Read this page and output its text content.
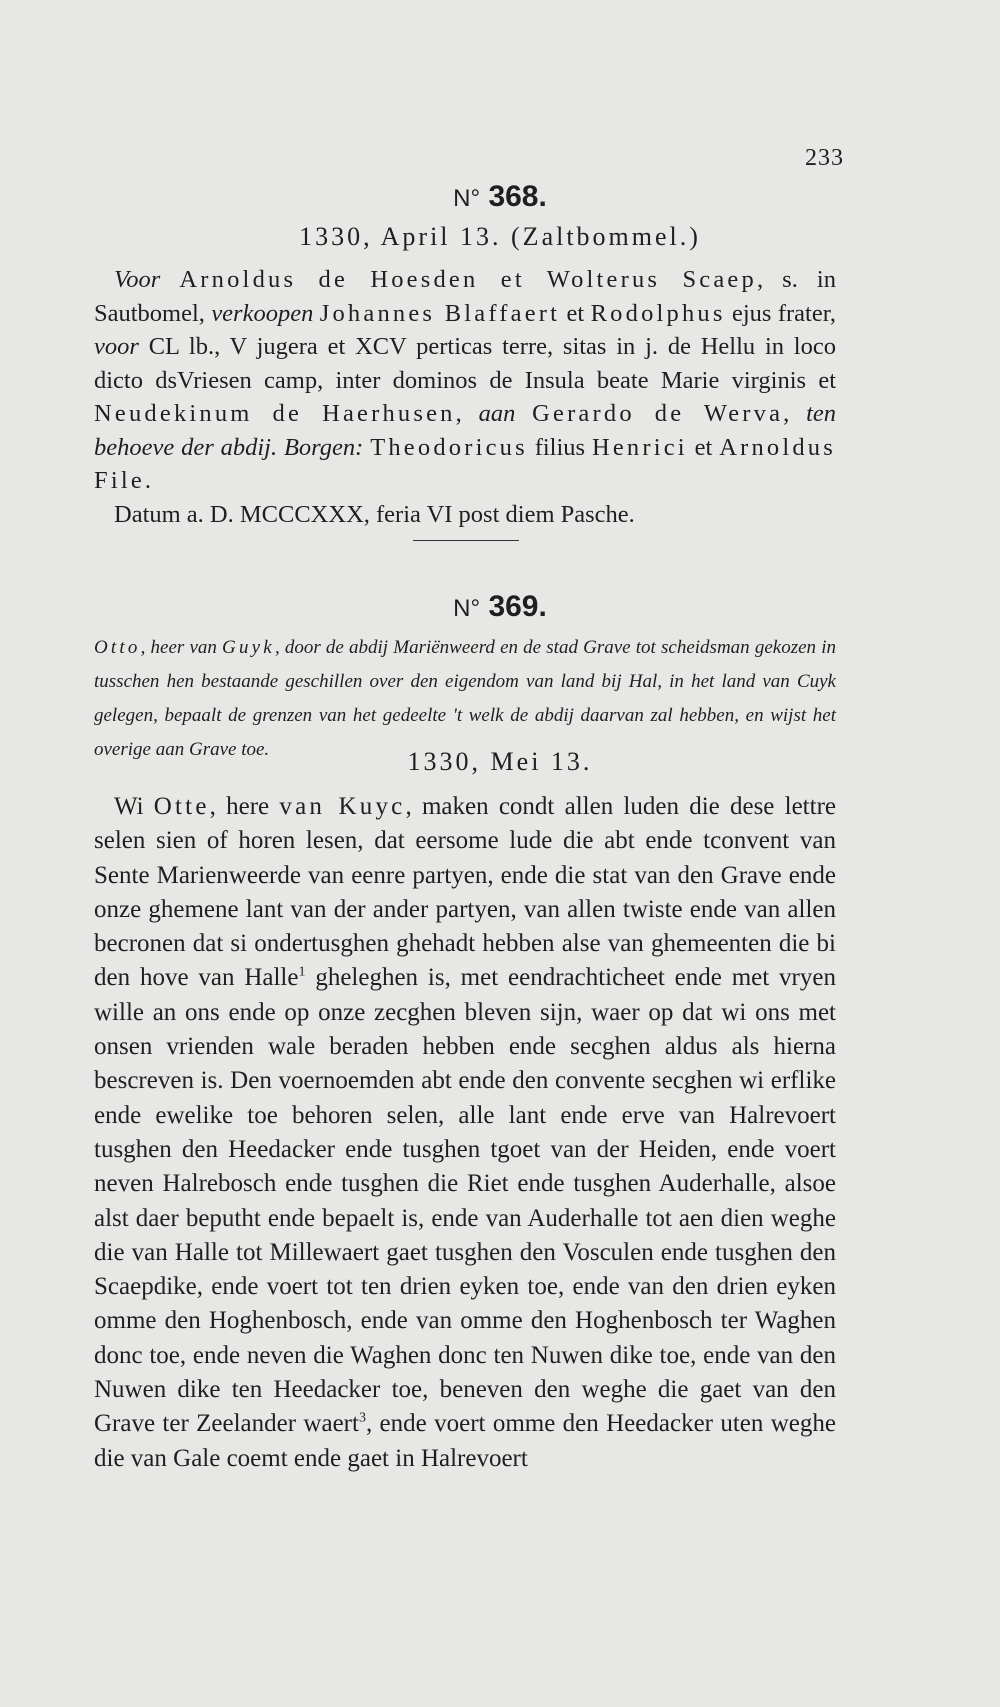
233
N° 368.
1330, April 13. (Zaltbommel.)

Voor Arnoldus de Hoesden et Wolterus Scaep, s. in Sautbomel, verkoopen Johannes Blaffaert et Rodolphus ejus frater, voor CL lb., V jugera et XCV perticas terre, sitas in j. de Hellu in loco dicto dsVriesen camp, inter dominos de Insula beate Marie virginis et Neudekinum de Haerhusen, aan Gerardo de Werva, ten behoeve der abdij. Borgen: Theodoricus filius Henrici et Arnoldus File.

Datum a. D. MCCCXXX, feria VI post diem Pasche.

N° 369.
Otto, heer van Guyk, door de abdij Mariënweerd en de stad Grave tot scheidsman gekozen in tusschen hen bestaande geschillen over den eigendom van land bij Hal, in het land van Cuyk gelegen, bepaalt de grenzen van het gedeelte 't welk de abdij daarvan zal hebben, en wijst het overige aan Grave toe.	1330, Mei 13.

Wi Otte, here van Kuyc, maken condt allen luden die dese lettre selen sien of horen lesen, dat eersome lude die abt ende tconvent van Sente Marienweerde van eenre partyen, ende die stat van den Grave ende onze ghemene lant van der ander partyen, van allen twiste ende van allen becronen dat si ondertusghen ghehadt hebben alse van ghemeenten die bi den hove van Halle$^1$ gheleghen is, met eendrachticheet ende met vryen wille an ons ende op onze zecghen bleven sijn, waer op dat wi ons met onsen vrienden wale beraden hebben ende secghen aldus als hierna bescreven is. Den voernoemden abt ende den convente secghen wi erflike ende ewelike toe behoren selen, alle lant ende erve van Halrevoert tusghen den Heedacker ende tusghen tgoet van der Heiden, ende voert neven Halrebosch ende tusghen die Riet ende tusghen Auderhalle, alsoe alst daer beputht ende bepaelt is, ende van Auderhalle tot aen dien weghe die van Halle tot Millewaert gaet tusghen den Vosculen ende tusghen den Scaepdike, ende voert tot ten drien eyken toe, ende van den drien eyken omme den Hoghenbosch, ende van omme den Hoghenbosch ter Waghen donc toe, ende neven die Waghen donc ten Nuwen dike toe, ende van den Nuwen dike ten Heedacker toe, beneven den weghe die gaet van den Grave ter Zeelander waert$^3$, ende voert omme den Heedacker uten weghe die van Gale coemt ende gaet in Halrevoert
